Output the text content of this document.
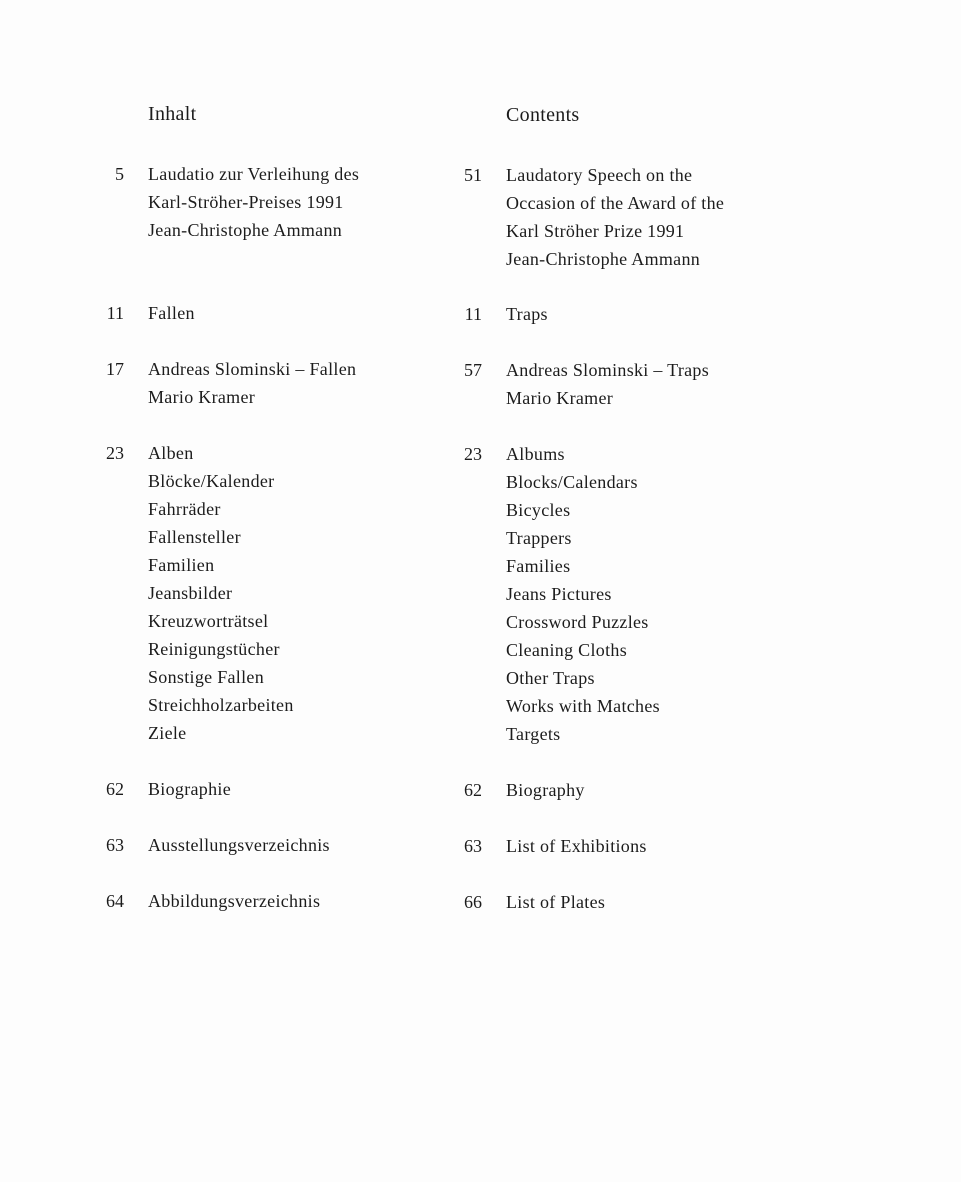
Inhalt
5 Laudatio zur Verleihung des
Karl-Ströher-Preises 1991
Jean-Christophe Ammann
11 Fallen
17 Andreas Slominski – Fallen
Mario Kramer
23 Alben
Blöcke/Kalender
Fahrräder
Fallensteller
Familien
Jeansbilder
Kreuzworträtsel
Reinigungstücher
Sonstige Fallen
Streichholzarbeiten
Ziele
62 Biographie
63 Ausstellungsverzeichnis
64 Abbildungsverzeichnis
Contents
51 Laudatory Speech on the
Occasion of the Award of the
Karl Ströher Prize 1991
Jean-Christophe Ammann
11 Traps
57 Andreas Slominski – Traps
Mario Kramer
23 Albums
Blocks/Calendars
Bicycles
Trappers
Families
Jeans Pictures
Crossword Puzzles
Cleaning Cloths
Other Traps
Works with Matches
Targets
62 Biography
63 List of Exhibitions
66 List of Plates
